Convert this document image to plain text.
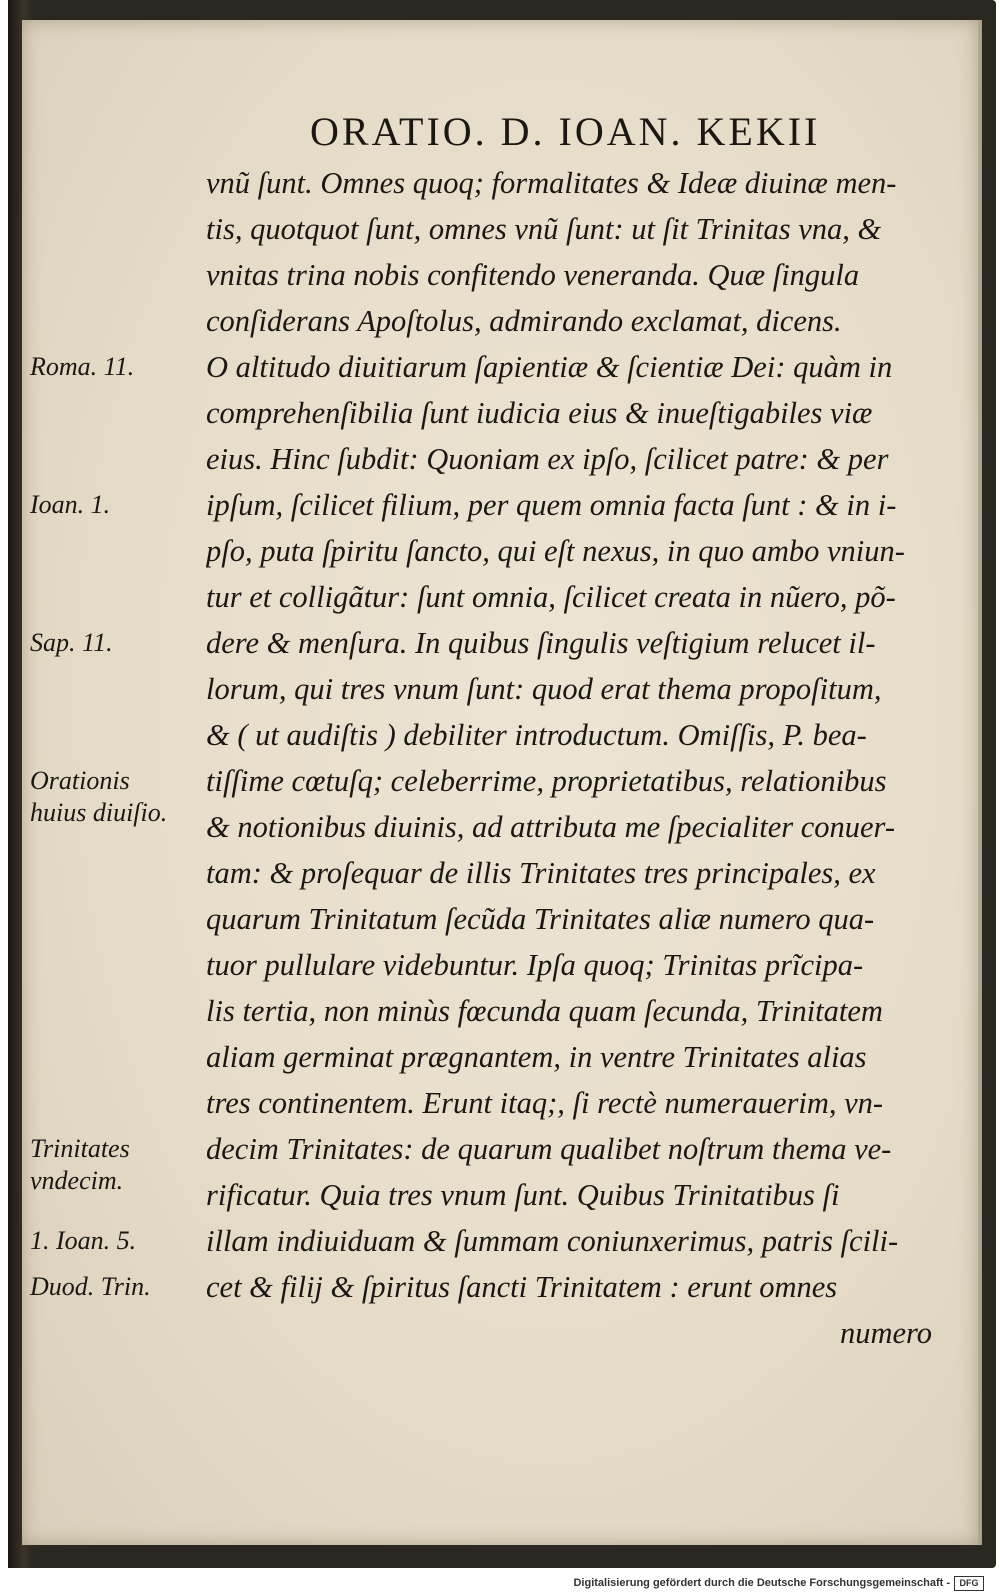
ORATIO. D. IOAN. KEKII
Roma. 11.
Ioan. 1.
Sap. 11.
Orationis
huius diuiſio.
Trinitates
vndecim.
1. Ioan. 5.
Duod. Trin.
vnũ ſunt. Omnes quoq; formalitates & Ideæ diuinæ men-
tis, quotquot ſunt, omnes vnũ ſunt: ut ſit Trinitas vna, &
vnitas trina nobis confitendo veneranda. Quæ ſingula
conſiderans Apoſtolus, admirando exclamat, dicens.
O altitudo diuitiarum ſapientiæ & ſcientiæ Dei: quàm in
comprehenſibilia ſunt iudicia eius & inueſtigabiles viæ
eius. Hinc ſubdit: Quoniam ex ipſo, ſcilicet patre: & per
ipſum, ſcilicet filium, per quem omnia facta ſunt : & in i-
pſo, puta ſpiritu ſancto, qui eſt nexus, in quo ambo vniun-
tur et colligãtur: ſunt omnia, ſcilicet creata in nũero, põ-
dere & menſura. In quibus ſingulis veſtigium relucet il-
lorum, qui tres vnum ſunt: quod erat thema propoſitum,
& ( ut audiſtis ) debiliter introductum. Omiſſis, P. bea-
tiſſime cœtuſq; celeberrime, proprietatibus, relationibus
& notionibus diuinis, ad attributa me ſpecialiter conuer-
tam: & proſequar de illis Trinitates tres principales, ex
quarum Trinitatum ſecũda Trinitates aliæ numero qua-
tuor pullulare videbuntur. Ipſa quoq; Trinitas prĩcipa-
lis tertia, non minùs fœcunda quam ſecunda, Trinitatem
aliam germinat prægnantem, in ventre Trinitates alias
tres continentem. Erunt itaq;, ſi rectè numerauerim, vn-
decim Trinitates: de quarum qualibet noſtrum thema ve-
rificatur. Quia tres vnum ſunt. Quibus Trinitatibus ſi
illam indiuiduam & ſummam coniunxerimus, patris ſcili-
cet & filij & ſpiritus ſancti Trinitatem : erunt omnes
numero
Digitalisierung gefördert durch die Deutsche Forschungsgemeinschaft -	DFG
